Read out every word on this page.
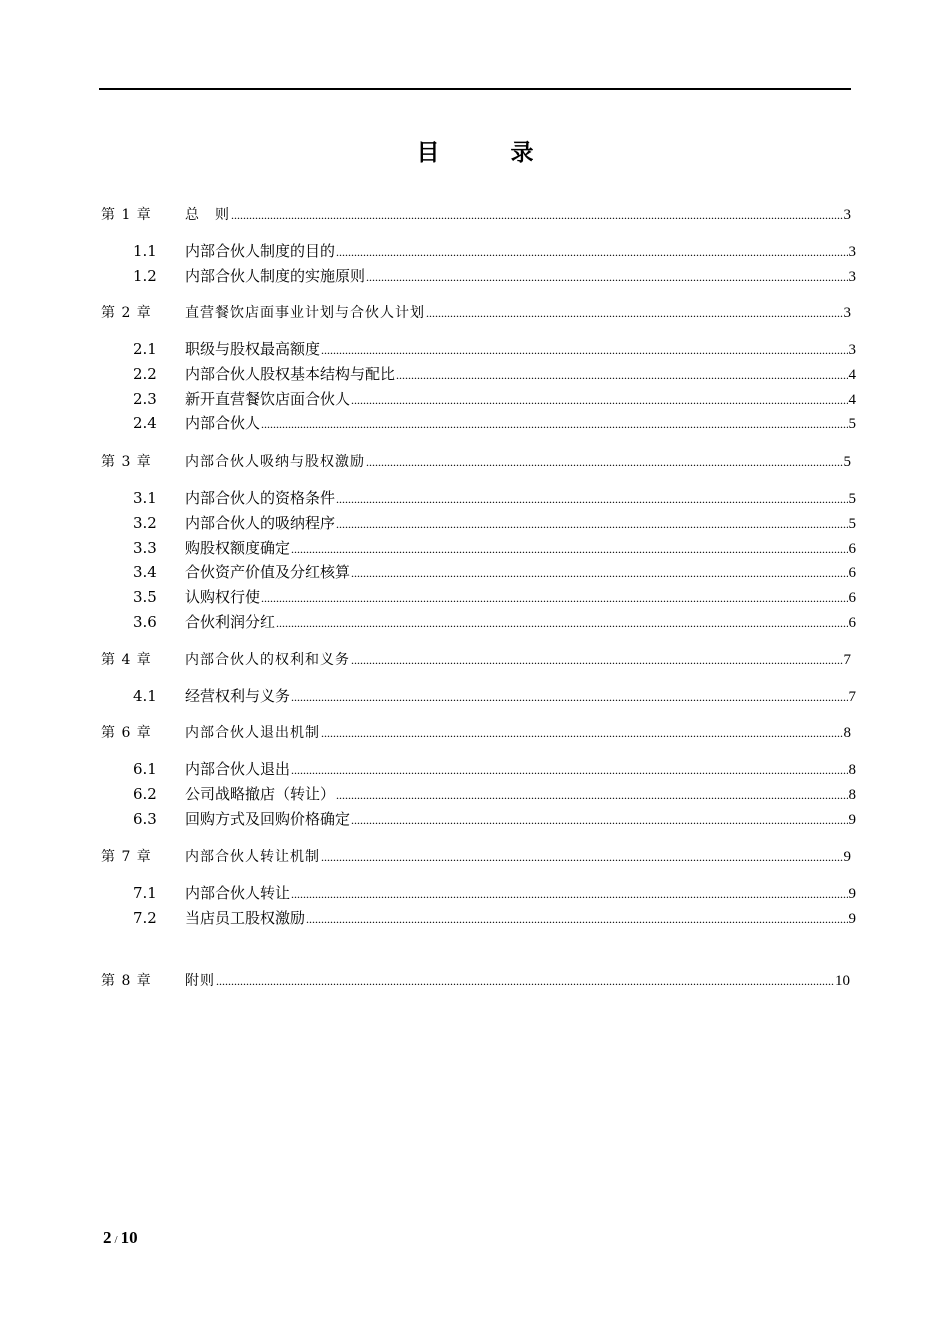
目　录
第 1 章	总　则 .....	3
1.1	内部合伙人制度的目的 .....	3
1.2	内部合伙人制度的实施原则 .....	3
第 2 章	直营餐饮店面事业计划与合伙人计划 .....	3
2.1	职级与股权最高额度 .....	3
2.2	内部合伙人股权基本结构与配比 .....	4
2.3	新开直营餐饮店面合伙人 .....	4
2.4	内部合伙人 .....	5
第 3 章	内部合伙人吸纳与股权激励 .....	5
3.1	内部合伙人的资格条件 .....	5
3.2	内部合伙人的吸纳程序 .....	5
3.3	购股权额度确定 .....	6
3.4	合伙资产价值及分红核算 .....	6
3.5	认购权行使 .....	6
3.6	合伙利润分红 .....	6
第 4 章	内部合伙人的权利和义务 .....	7
4.1	经营权利与义务 .....	7
第 6 章	内部合伙人退出机制 .....	8
6.1	内部合伙人退出 .....	8
6.2	公司战略撤店（转让） .....	8
6.3	回购方式及回购价格确定 .....	9
第 7 章	内部合伙人转让机制 .....	9
7.1	内部合伙人转让 .....	9
7.2	当店员工股权激励 .....	9
第 8 章	附则 .....	10
2 / 10
